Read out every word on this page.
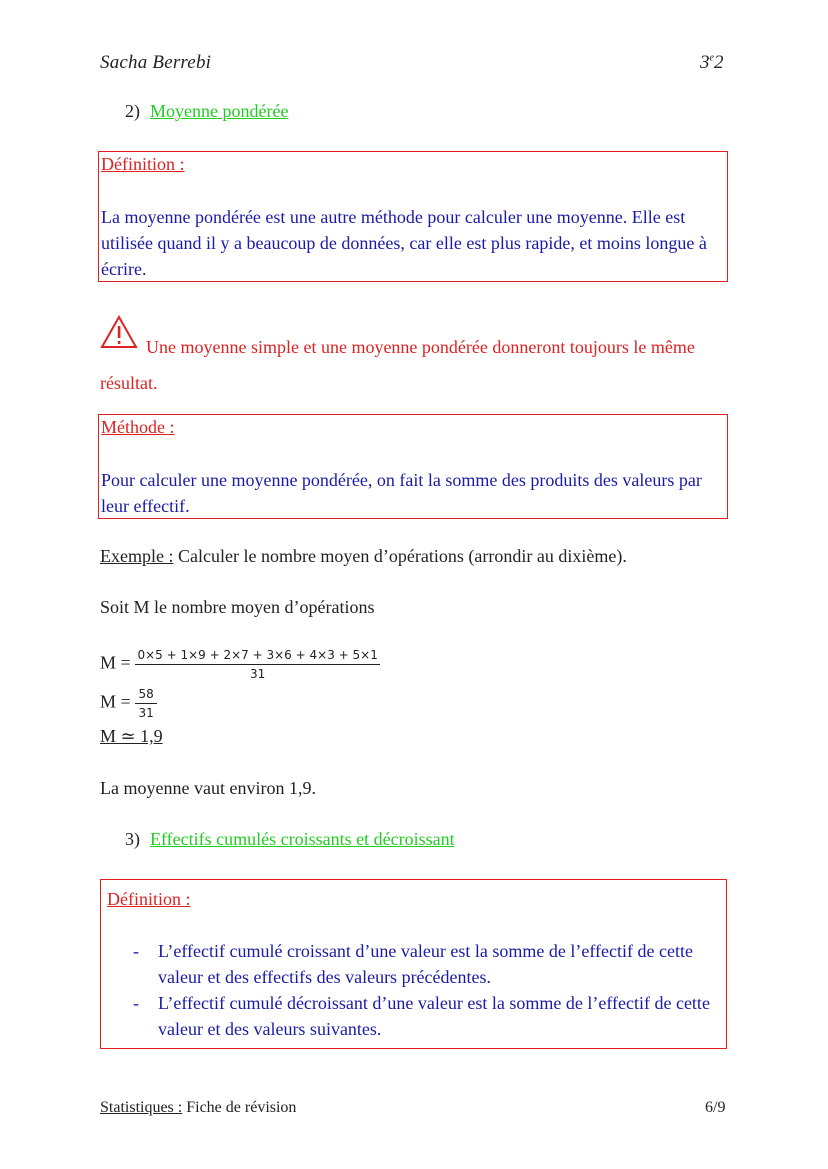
Sacha Berrebi	3e2
2) Moyenne pondérée
Définition :
La moyenne pondérée est une autre méthode pour calculer une moyenne. Elle est utilisée quand il y a beaucoup de données, car elle est plus rapide, et moins longue à écrire.
Une moyenne simple et une moyenne pondérée donneront toujours le même résultat.
Méthode :
Pour calculer une moyenne pondérée, on fait la somme des produits des valeurs par leur effectif.
Exemple : Calculer le nombre moyen d’opérations (arrondir au dixième).
Soit M le nombre moyen d’opérations
$M = \frac{0\times 5 + 1\times 9 + 2\times 7 + 3\times 6 + 4\times 3 + 5\times 1}{31}$
$M = \frac{58}{31}$
M ≃ 1,9
La moyenne vaut environ 1,9.
3) Effectifs cumulés croissants et décroissant
Définition :
- L’effectif cumulé croissant d’une valeur est la somme de l’effectif de cette valeur et des effectifs des valeurs précédentes.
- L’effectif cumulé décroissant d’une valeur est la somme de l’effectif de cette valeur et des valeurs suivantes.
Statistiques : Fiche de révision	6/9
